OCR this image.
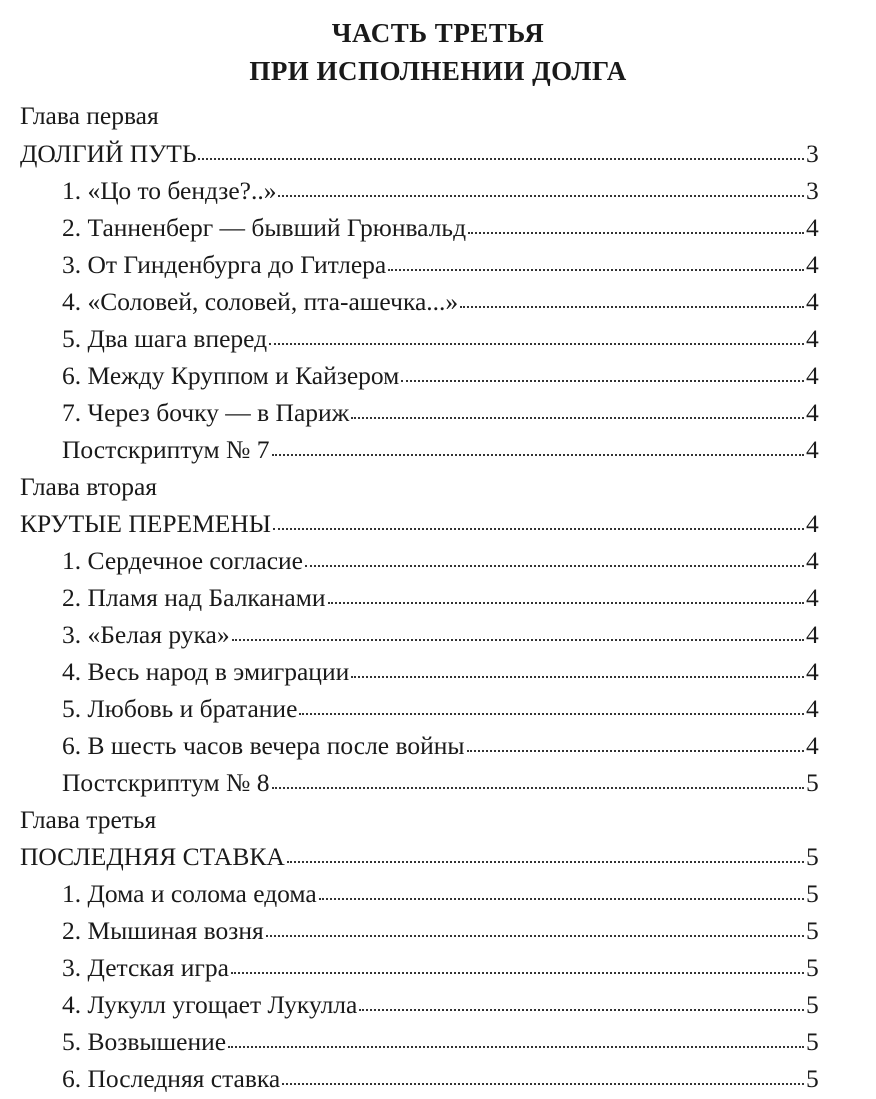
ЧАСТЬ ТРЕТЬЯ
ПРИ ИСПОЛНЕНИИ ДОЛГА
Глава первая
ДОЛГИЙ ПУТЬ	3
1. «Цо то бендзе?..»	3
2. Танненберг — бывший Грюнвальд	4
3. От Гинденбурга до Гитлера	4
4. «Соловей, соловей, пта-ашечка...»	4
5. Два шага вперед	4
6. Между Круппом и Кайзером	4
7. Через бочку — в Париж	4
Постскриптум № 7	4
Глава вторая
КРУТЫЕ ПЕРЕМЕНЫ	4
1. Сердечное согласие	4
2. Пламя над Балканами	4
3. «Белая рука»	4
4. Весь народ в эмиграции	4
5. Любовь и братание	4
6. В шесть часов вечера после войны	4
Постскриптум № 8	5
Глава третья
ПОСЛЕДНЯЯ СТАВКА	5
1. Дома и солома едома	5
2. Мышиная возня	5
3. Детская игра	5
4. Лукулл угощает Лукулла	5
5. Возвышение	5
6. Последняя ставка	5
